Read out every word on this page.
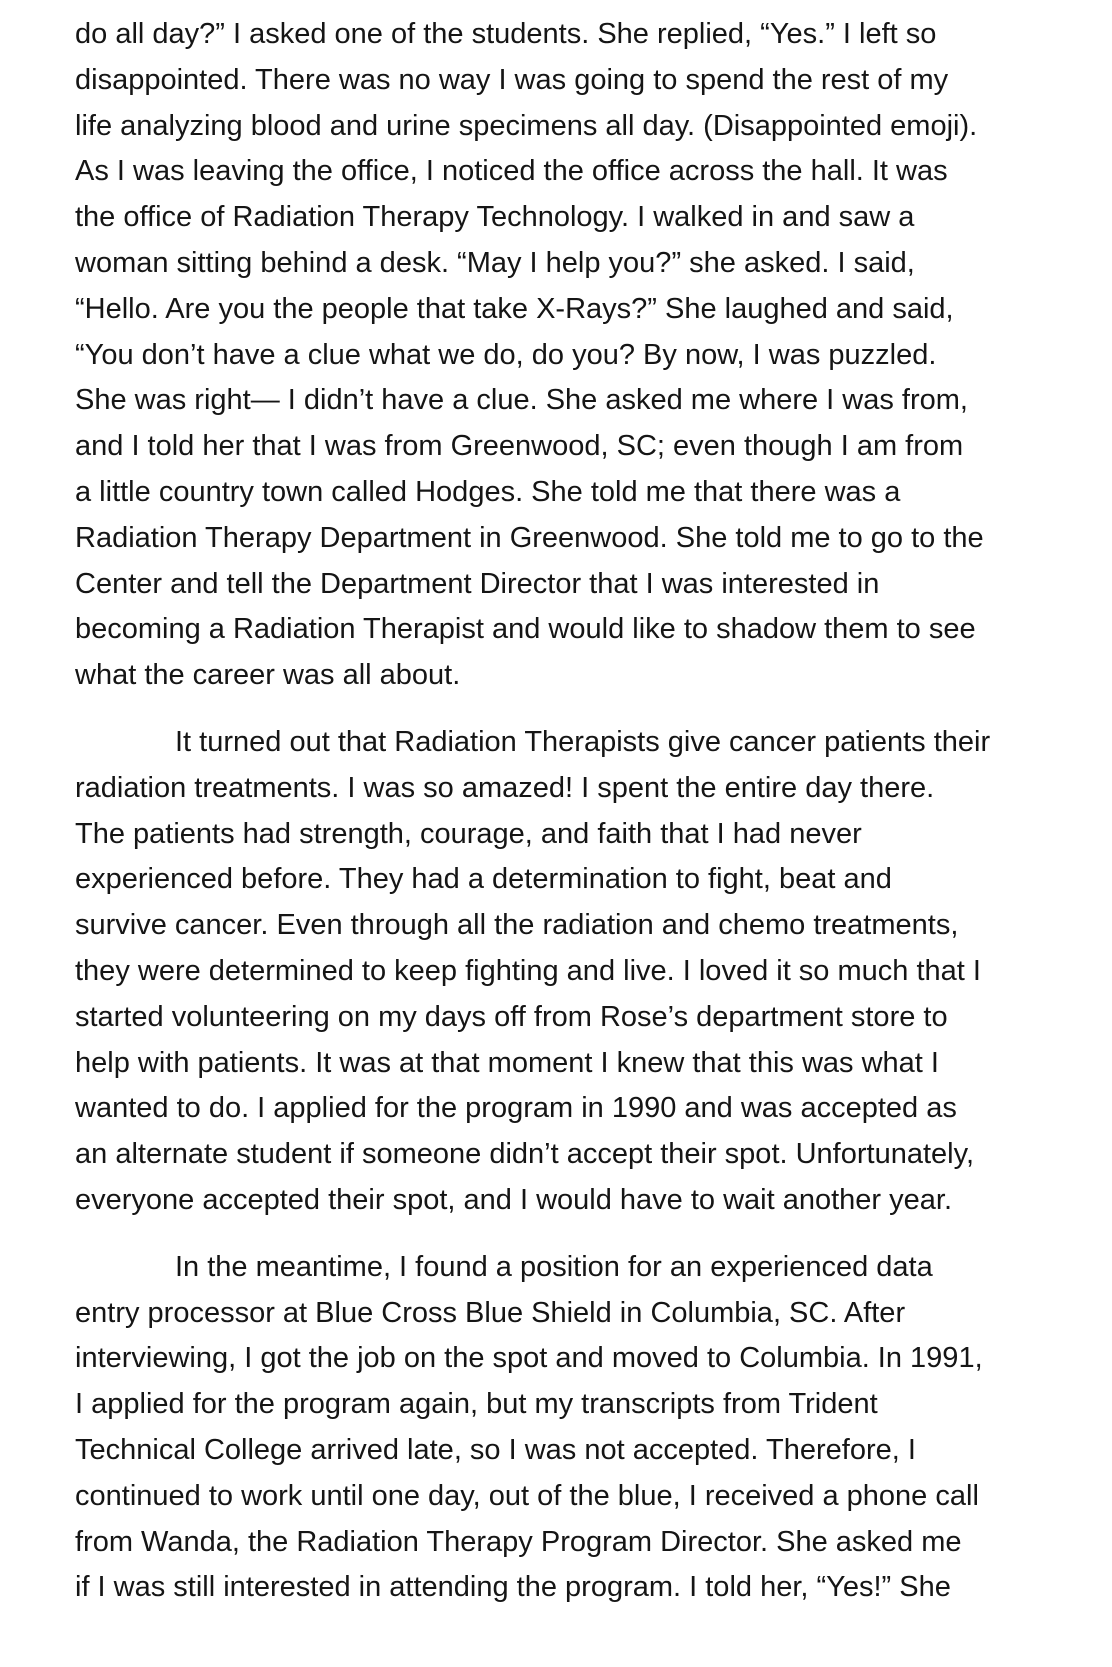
do all day?” I asked one of the students. She replied, “Yes.” I left so
disappointed. There was no way I was going to spend the rest of my
life analyzing blood and urine specimens all day. (Disappointed emoji).
As I was leaving the office, I noticed the office across the hall. It was
the office of Radiation Therapy Technology. I walked in and saw a
woman sitting behind a desk. “May I help you?” she asked. I said,
“Hello. Are you the people that take X-Rays?” She laughed and said,
“You don’t have a clue what we do, do you? By now, I was puzzled.
She was right— I didn’t have a clue. She asked me where I was from,
and I told her that I was from Greenwood, SC; even though I am from
a little country town called Hodges. She told me that there was a
Radiation Therapy Department in Greenwood. She told me to go to the
Center and tell the Department Director that I was interested in
becoming a Radiation Therapist and would like to shadow them to see
what the career was all about.

It turned out that Radiation Therapists give cancer patients their
radiation treatments. I was so amazed! I spent the entire day there.
The patients had strength, courage, and faith that I had never
experienced before. They had a determination to fight, beat and
survive cancer. Even through all the radiation and chemo treatments,
they were determined to keep fighting and live. I loved it so much that I
started volunteering on my days off from Rose’s department store to
help with patients. It was at that moment I knew that this was what I
wanted to do. I applied for the program in 1990 and was accepted as
an alternate student if someone didn’t accept their spot. Unfortunately,
everyone accepted their spot, and I would have to wait another year.

In the meantime, I found a position for an experienced data
entry processor at Blue Cross Blue Shield in Columbia, SC. After
interviewing, I got the job on the spot and moved to Columbia. In 1991,
I applied for the program again, but my transcripts from Trident
Technical College arrived late, so I was not accepted. Therefore, I
continued to work until one day, out of the blue, I received a phone call
from Wanda, the Radiation Therapy Program Director. She asked me
if I was still interested in attending the program. I told her, “Yes!” She
